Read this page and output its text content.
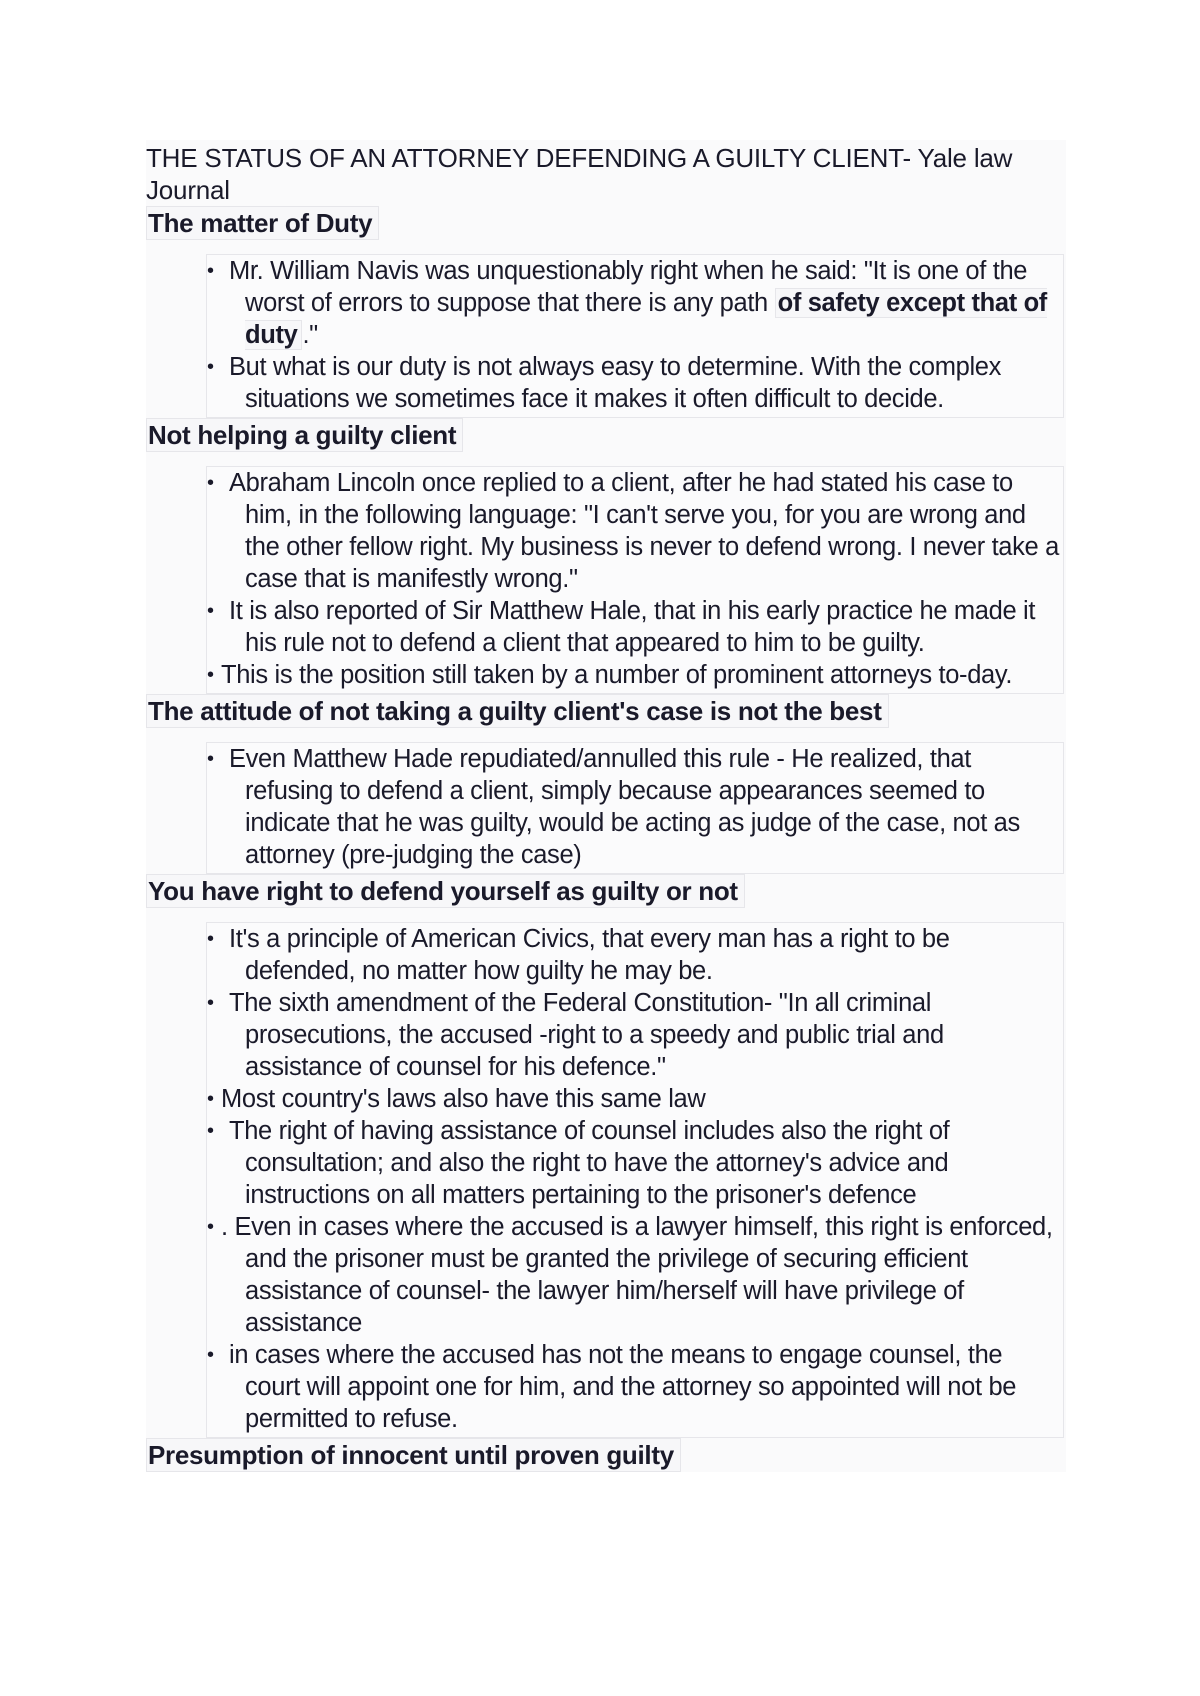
THE STATUS OF AN ATTORNEY DEFENDING A GUILTY CLIENT- Yale law Journal

The matter of Duty
• Mr. William Navis was unquestionably right when he said: "It is one of the worst of errors to suppose that there is any path of safety except that of duty ."
• But what is our duty is not always easy to determine. With the complex situations we sometimes face it makes it often difficult to decide.
Not helping a guilty client
• Abraham Lincoln once replied to a client, after he had stated his case to him, in the following language: "I can't serve you, for you are wrong and the other fellow right. My business is never to defend wrong. I never take a case that is manifestly wrong."
• It is also reported of Sir Matthew Hale, that in his early practice he made it his rule not to defend a client that appeared to him to be guilty.
• This is the position still taken by a number of prominent attorneys to-day.
The attitude of not taking a guilty client's case is not the best
• Even Matthew Hade repudiated/annulled this rule - He realized, that refusing to defend a client, simply because appearances seemed to indicate that he was guilty, would be acting as judge of the case, not as attorney (pre-judging the case)
You have right to defend yourself as guilty or not
• It's a principle of American Civics, that every man has a right to be defended, no matter how guilty he may be.
• The sixth amendment of the Federal Constitution- "In all criminal prosecutions, the accused -right to a speedy and public trial and assistance of counsel for his defence."
• Most country's laws also have this same law
• The right of having assistance of counsel includes also the right of consultation; and also the right to have the attorney's advice and instructions on all matters pertaining to the prisoner's defence
• . Even in cases where the accused is a lawyer himself, this right is enforced, and the prisoner must be granted the privilege of securing efficient assistance of counsel- the lawyer him/herself will have privilege of assistance
• in cases where the accused has not the means to engage counsel, the court will appoint one for him, and the attorney so appointed will not be permitted to refuse.
Presumption of innocent until proven guilty
